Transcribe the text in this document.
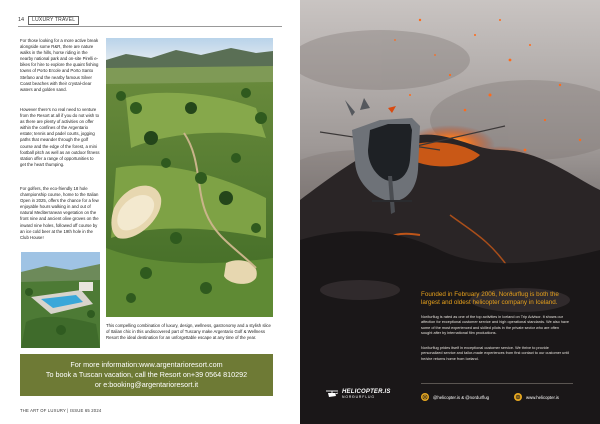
14	LUXURY TRAVEL

For those looking for a more active break alongside some R&R, there are nature walks in the hills, horse riding in the nearby national park and on-site Pirelli e-bikes for hire to explore the quaint fishing towns of Porto Ercole and Porto Santo Stefano and the nearby famous Silver Coast beaches with their crystal-clear waters and golden sand.

However there's no real need to venture from the Resort at all if you do not wish to as there are plenty of activities on offer within the confines of the Argentario estate; tennis and padel courts, jogging paths that meander through the golf course and the edge of the forest, a mini football pitch as well as an outdoor fitness station offer a range of opportunities to get the heart thumping.

For golfers, the eco-friendly 18 hole championship course, home to the Italian Open in 2025, offers the chance for a few enjoyable hours walking in and out of natural Mediterranean vegetation on the front nine and ancient olive groves on the inward nine holes, followed off course by an ice cold beer at the 19th hole in the Club House!

This compelling combination of luxury, design, wellness, gastronomy and a stylish slice of Italian chic in this undiscovered part of Tuscany make Argentario Golf & Wellness Resort the ideal destination for an unforgettable escape at any time of the year.

For more information:www.argentarioresort.com
To book a Tuscan vacation, call the Resort on+39 0564 810292
or e:booking@argentarioresort.it
THE ART OF LUXURY | ISSUE 65 2024

Founded in February 2006, Norðurflug is both the largest and oldest helicopter company in Iceland.

Norðurflug is rated as one of the top activities in Iceland on Trip Advisor. It shows our affection for exceptional customer service and high operational standards. We also have some of the most experienced and skilled pilots in the private sector who are often sought after by international film productions.

Norðurflug prides itself in exceptional customer service. We thrive to provide personalized service and tailor-made experiences from first contact to our customer until he/she returns home from Iceland.

HELICOPTER.IS
NORÐURFLUG	@helicopter.is & @nordurflug	www.helicopter.is
